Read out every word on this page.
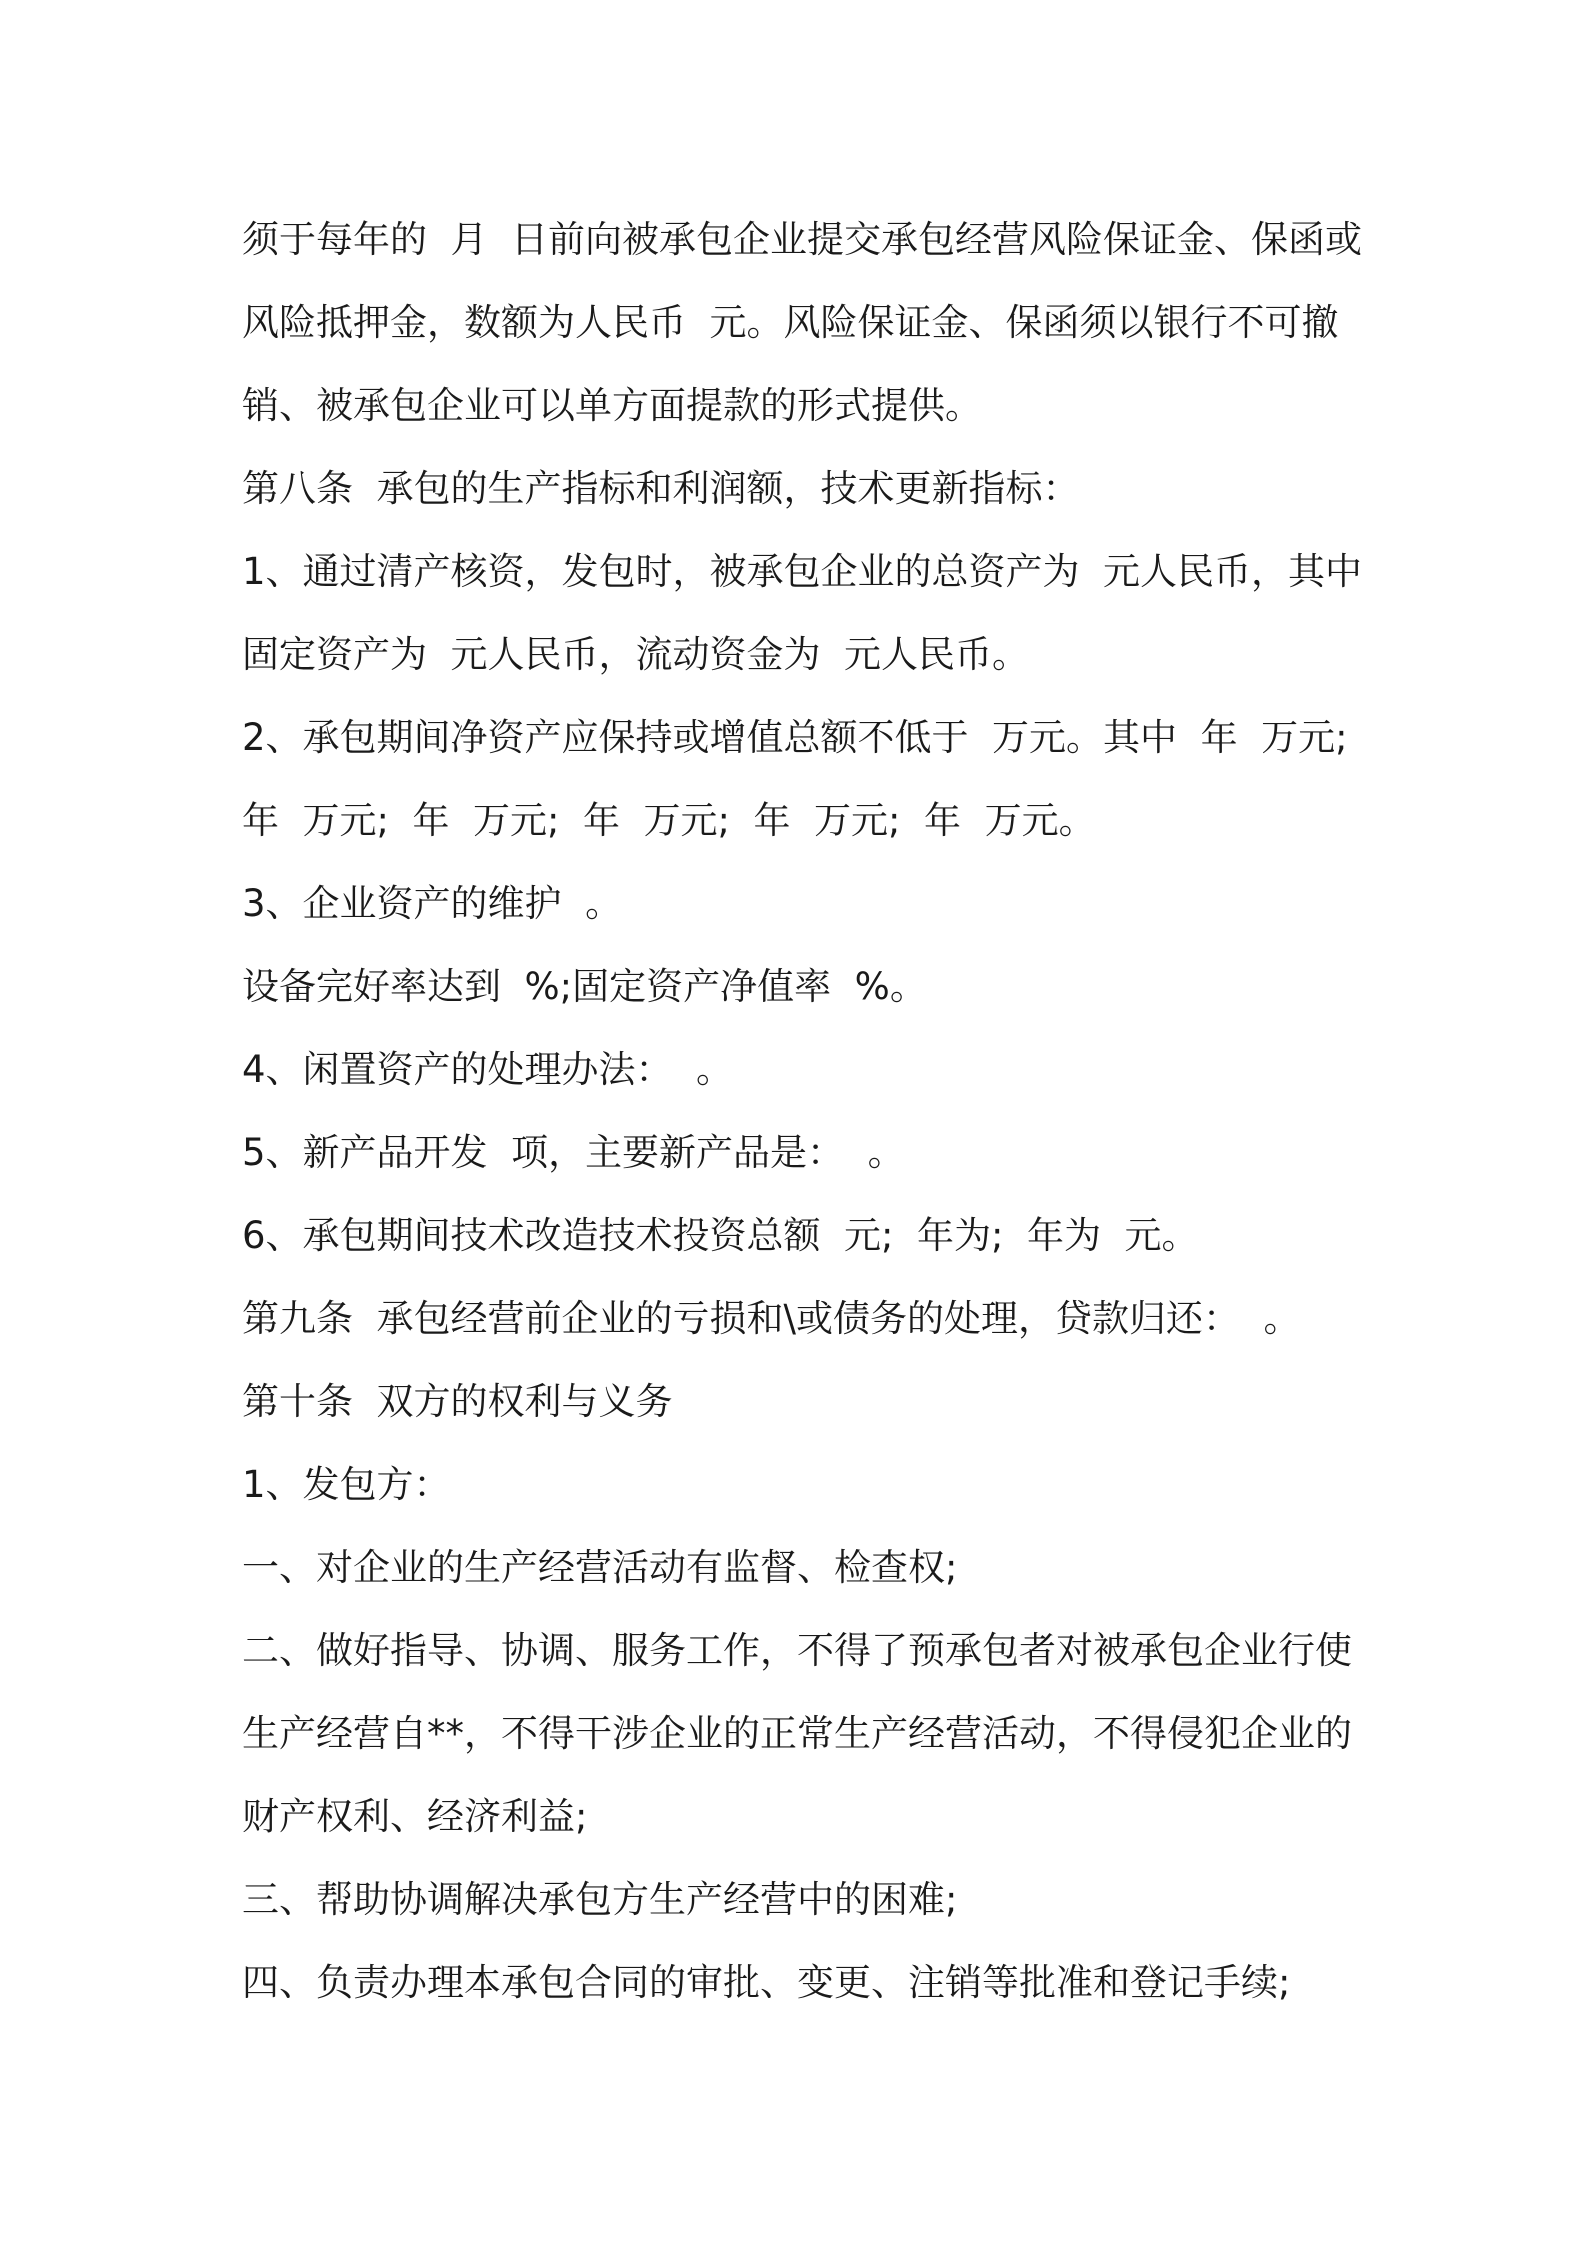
须于每年的  月  日前向被承包企业提交承包经营风险保证金、保函或
风险抵押金，数额为人民币  元。风险保证金、保函须以银行不可撤
销、被承包企业可以单方面提款的形式提供。
第八条  承包的生产指标和利润额，技术更新指标：
1、通过清产核资，发包时，被承包企业的总资产为  元人民币，其中
固定资产为  元人民币，流动资金为  元人民币。
2、承包期间净资产应保持或增值总额不低于  万元。其中  年  万元;
年  万元;  年  万元;  年  万元;  年  万元;  年  万元。
3、企业资产的维护  。
设备完好率达到  %;固定资产净值率  %。
4、闲置资产的处理办法：  。
5、新产品开发  项，主要新产品是：  。
6、承包期间技术改造技术投资总额  元;  年为;  年为  元。
第九条  承包经营前企业的亏损和\或债务的处理，贷款归还：  。
第十条  双方的权利与义务
1、发包方：
一、对企业的生产经营活动有监督、检查权;
二、做好指导、协调、服务工作，不得了预承包者对被承包企业行使
生产经营自**，不得干涉企业的正常生产经营活动，不得侵犯企业的
财产权利、经济利益;
三、帮助协调解决承包方生产经营中的困难;
四、负责办理本承包合同的审批、变更、注销等批准和登记手续;
